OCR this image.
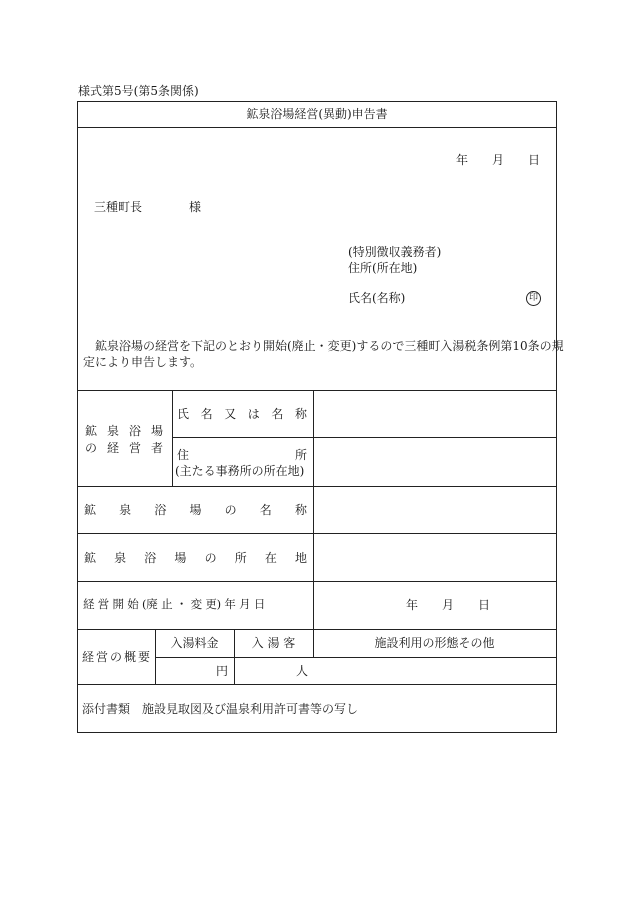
様式第5号(第5条関係)
鉱泉浴場経営(異動)申告書
年 月 日
三種町長	様
(特別徴収義務者)
住所(所在地)
氏名(名称)	印
鉱泉浴場の経営を下記のとおり開始(廃止・変更)するので三種町入湯税条例第10条の規
定により申告します。
鉱 泉 浴 場
の 経 営 者
氏 名 又 は 名 称
住	所
(主たる事務所の所在地)
鉱 泉 浴 場 の 名 称
鉱 泉 浴 場 の 所 在 地
経 営 開 始 (廃 止 ・ 変 更) 年 月 日	年 月 日
経営の概要
入湯料金	入 湯 客	施設利用の形態その他
円	人
添付書類　施設見取図及び温泉利用許可書等の写し
